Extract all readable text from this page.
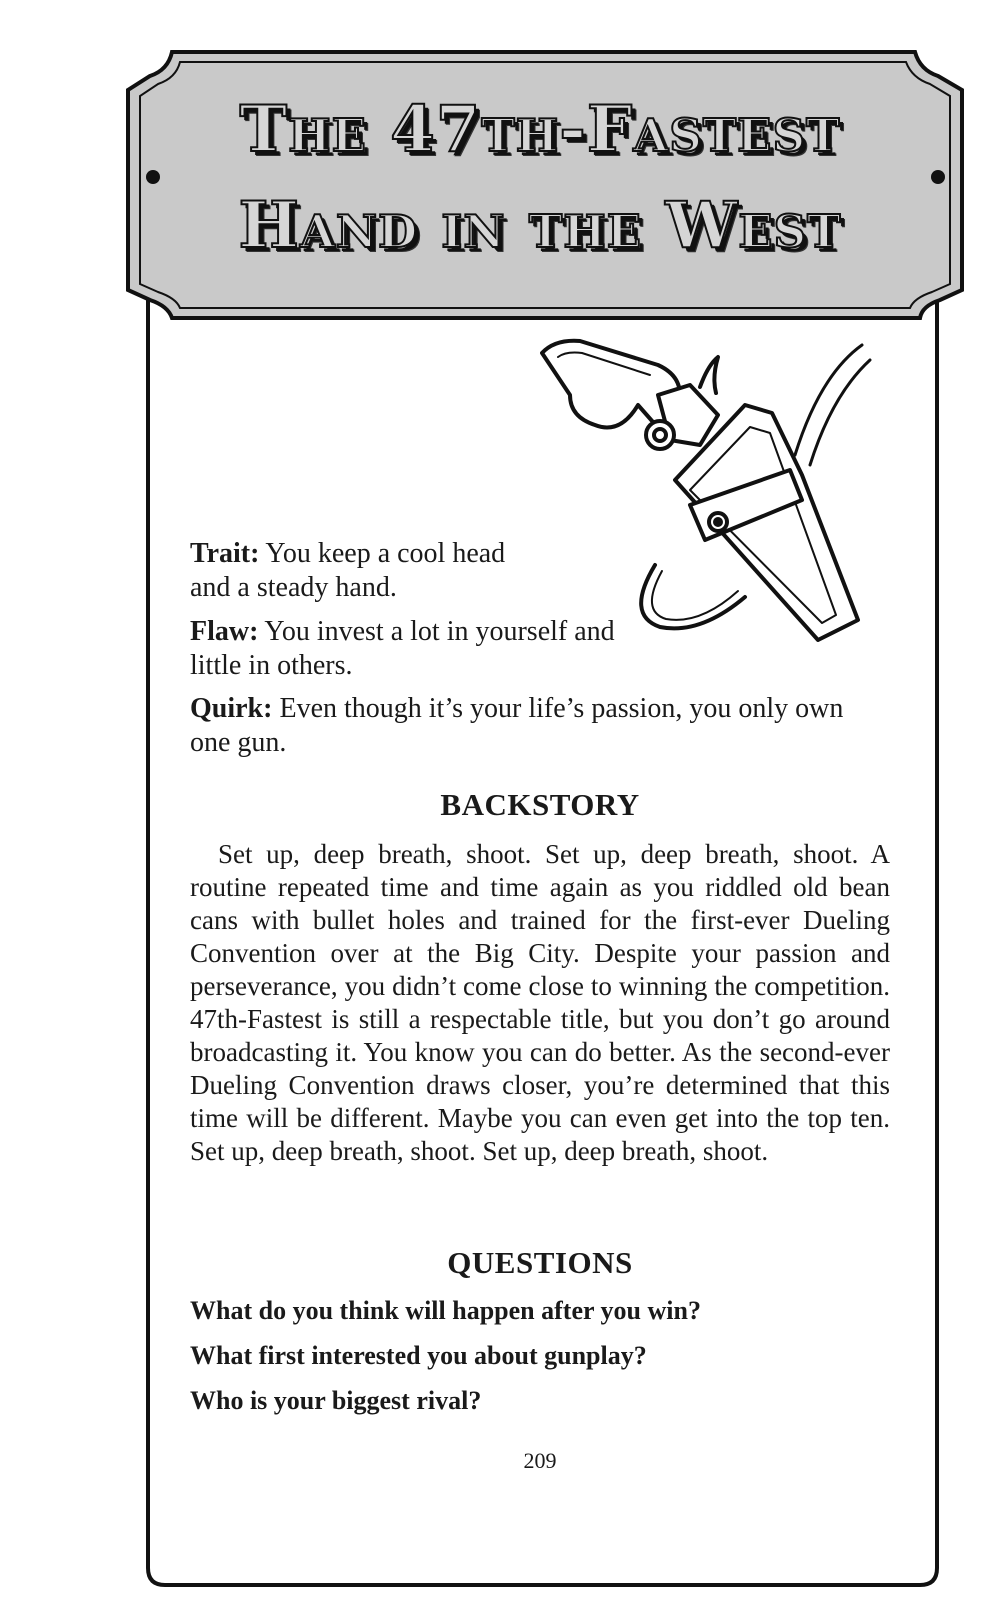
The 47th-Fastest
Hand in the West

Trait: You keep a cool head and a steady hand.

Flaw: You invest a lot in yourself and little in others.

Quirk: Even though it’s your life’s passion, you only own one gun.

BACKSTORY

Set up, deep breath, shoot. Set up, deep breath, shoot. A routine repeated time and time again as you riddled old bean cans with bullet holes and trained for the first-ever Dueling Convention over at the Big City. Despite your passion and perseverance, you didn’t come close to winning the competition. 47th-Fastest is still a respectable title, but you don’t go around broadcasting it. You know you can do better. As the second-ever Dueling Convention draws closer, you’re determined that this time will be different. Maybe you can even get into the top ten. Set up, deep breath, shoot. Set up, deep breath, shoot.

QUESTIONS

What do you think will happen after you win?

What first interested you about gunplay?

Who is your biggest rival?

209
